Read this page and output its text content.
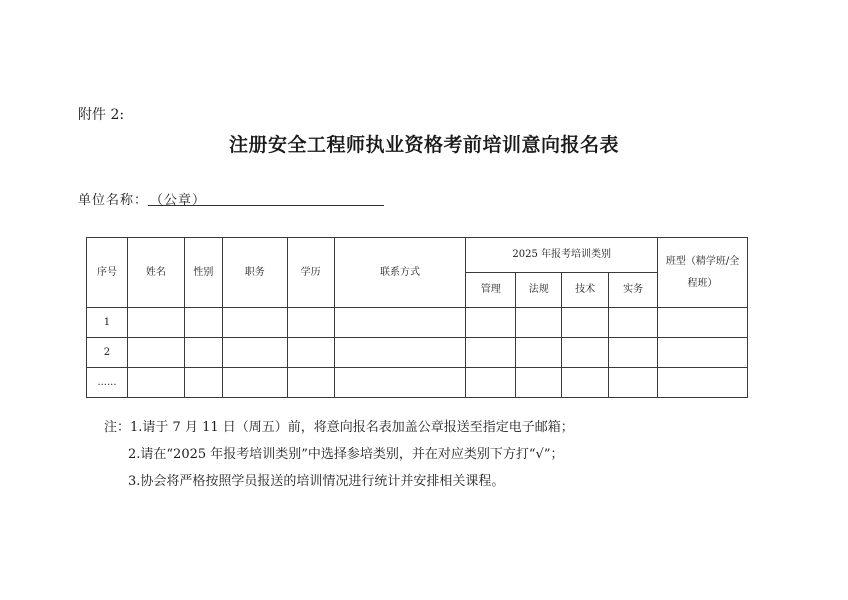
附件 2:
注册安全工程师执业资格考前培训意向报名表
单位名称： （公章）
序号	姓名	性别	职务	学历	联系方式	2025 年报考培训类别				班型（精学班/全程班）
						管理	法规	技术	实务	
1										
2										
......										
注：1.请于 7 月 11 日（周五）前，将意向报名表加盖公章报送至指定电子邮箱；
2.请在“2025 年报考培训类别”中选择参培类别，并在对应类别下方打“√”；
3.协会将严格按照学员报送的培训情况进行统计并安排相关课程。
